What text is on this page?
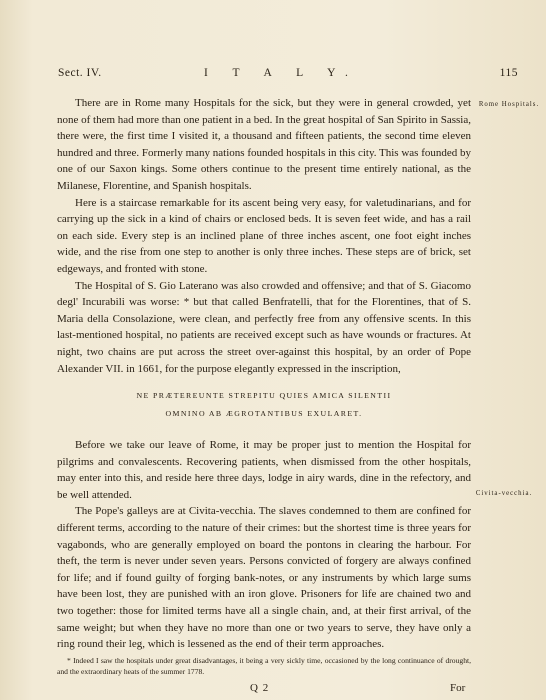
Sect. IV.	I T A L Y.	115
Rome Hospitals.
Civita-vecchia.

There are in Rome many Hospitals for the sick, but they were in general crowded, yet none of them had more than one patient in a bed. In the great hospital of San Spirito in Sassia, there were, the first time I visited it, a thousand and fifteen patients, the second time eleven hundred and three. Formerly many nations founded hospitals in this city. This was founded by one of our Saxon kings. Some others continue to the present time entirely national, as the Milanese, Florentine, and Spanish hospitals.

Here is a staircase remarkable for its ascent being very easy, for valetudinarians, and for carrying up the sick in a kind of chairs or enclosed beds. It is seven feet wide, and has a rail on each side. Every step is an inclined plane of three inches ascent, one foot eight inches wide, and the rise from one step to another is only three inches. These steps are of brick, set edgeways, and fronted with stone.

The Hospital of S. Gio Laterano was also crowded and offensive; and that of S. Giacomo degl' Incurabili was worse: * but that called Benfratelli, that for the Florentines, that of S. Maria della Consolazione, were clean, and perfectly free from any offensive scents. In this last-mentioned hospital, no patients are received except such as have wounds or fractures. At night, two chains are put across the street over-against this hospital, by an order of Pope Alexander VII. in 1661, for the purpose elegantly expressed in the inscription,

NE PRÆTEREUNTE STREPITU QUIES AMICA SILENTII
OMNINO AB ÆGROTANTIBUS EXULARET.

Before we take our leave of Rome, it may be proper just to mention the Hospital for pilgrims and convalescents. Recovering patients, when dismissed from the other hospitals, may enter into this, and reside here three days, lodge in airy wards, dine in the refectory, and be well attended.

The Pope's galleys are at Civita-vecchia. The slaves condemned to them are confined for different terms, according to the nature of their crimes: but the shortest time is three years for vagabonds, who are generally employed on board the pontons in clearing the harbour. For theft, the term is never under seven years. Persons convicted of forgery are always confined for life; and if found guilty of forging bank-notes, or any instruments by which large sums have been lost, they are punished with an iron glove. Prisoners for life are chained two and two together: those for limited terms have all a single chain, and, at their first arrival, of the same weight; but when they have no more than one or two years to serve, they have only a ring round their leg, which is lessened as the end of their term approaches.

* Indeed I saw the hospitals under great disadvantages, it being a very sickly time, occasioned by the long continuance of drought, and the extraordinary heats of the summer 1778.
Q 2	For
